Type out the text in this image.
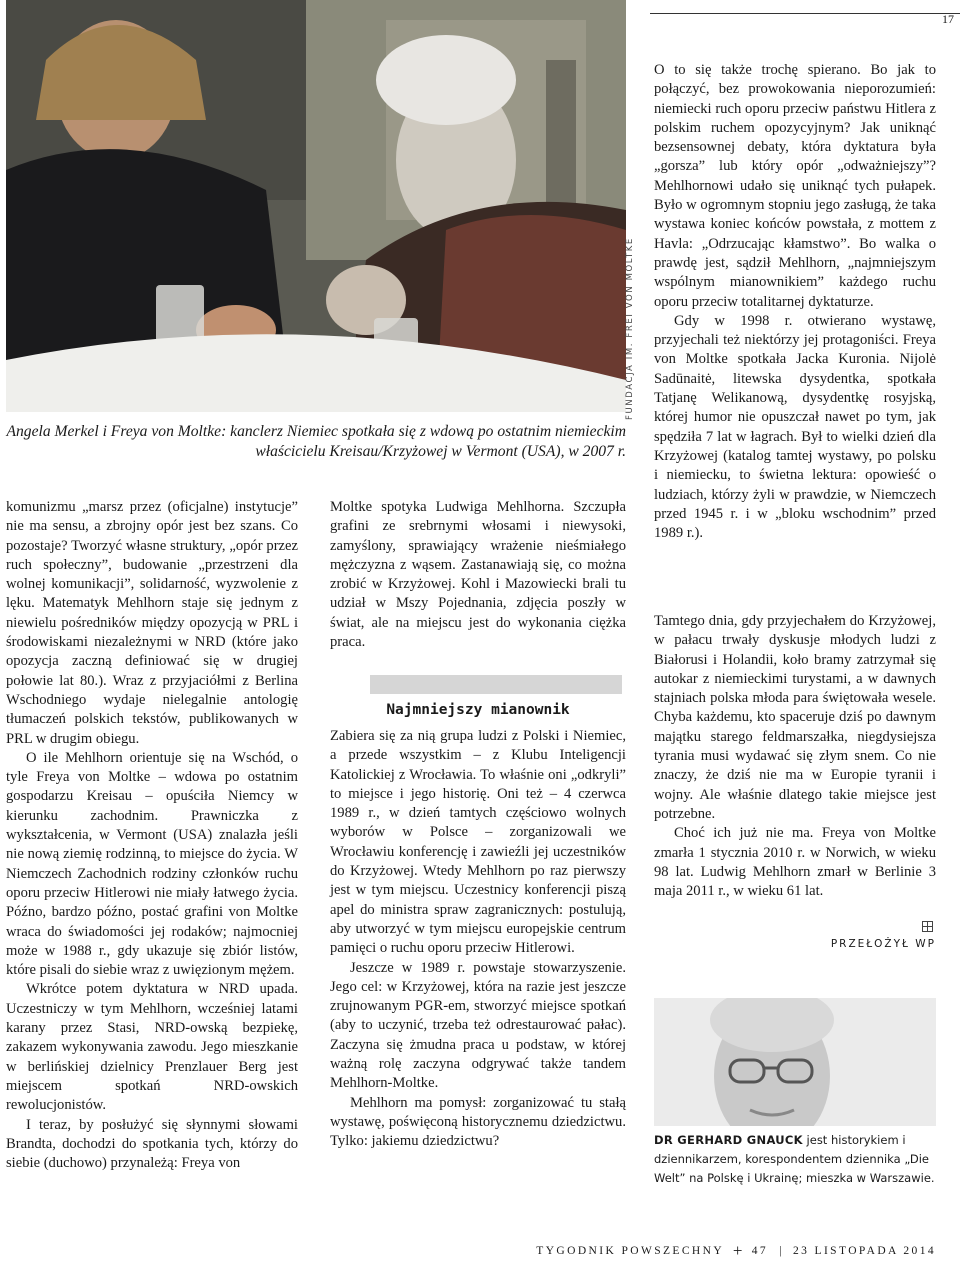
17
FUNDACJA IM. FREI VON MOLTKE
Angela Merkel i Freya von Moltke: kanclerz Niemiec spotkała się z wdową po ostatnim niemieckim właścicielu Kreisau/Krzyżowej w Vermont (USA), w 2007 r.

komunizmu „marsz przez (oficjalne) instytucje” nie ma sensu, a zbrojny opór jest bez szans. Co pozostaje? Tworzyć własne struktury, „opór przez ruch społeczny”, budowanie „przestrzeni dla wolnej komunikacji”, solidarność, wyzwolenie z lęku. Matematyk Mehlhorn staje się jednym z niewielu pośredników między opozycją w PRL i środowiskami niezależnymi w NRD (które jako opozycja zaczną definiować się w drugiej połowie lat 80.). Wraz z przyjaciółmi z Berlina Wschodniego wydaje nielegalnie antologię tłumaczeń polskich tekstów, publikowanych w PRL w drugim obiegu.

O ile Mehlhorn orientuje się na Wschód, o tyle Freya von Moltke – wdowa po ostatnim gospodarzu Kreisau – opuściła Niemcy w kierunku zachodnim. Prawniczka z wykształcenia, w Vermont (USA) znalazła jeśli nie nową ziemię rodzinną, to miejsce do życia. W Niemczech Zachodnich rodziny członków ruchu oporu przeciw Hitlerowi nie miały łatwego życia. Późno, bardzo późno, postać grafini von Moltke wraca do świadomości jej rodaków; najmocniej może w 1988 r., gdy ukazuje się zbiór listów, które pisali do siebie wraz z uwięzionym mężem.

Wkrótce potem dyktatura w NRD upada. Uczestniczy w tym Mehlhorn, wcześniej latami karany przez Stasi, NRD-owską bezpiekę, zakazem wykonywania zawodu. Jego mieszkanie w berlińskiej dzielnicy Prenzlauer Berg jest miejscem spotkań NRD-owskich rewolucjonistów.

I teraz, by posłużyć się słynnymi słowami Brandta, dochodzi do spotkania tych, którzy do siebie (duchowo) przynależą: Freya von

Moltke spotyka Ludwiga Mehlhorna. Szczupła grafini ze srebrnymi włosami i niewysoki, zamyślony, sprawiający wrażenie nieśmiałego mężczyzna z wąsem. Zastanawiają się, co można zrobić w Krzyżowej. Kohl i Mazowiecki brali tu udział w Mszy Pojednania, zdjęcia poszły w świat, ale na miejscu jest do wykonania ciężka praca.

Najmniejszy mianownik

Zabiera się za nią grupa ludzi z Polski i Niemiec, a przede wszystkim – z Klubu Inteligencji Katolickiej z Wrocławia. To właśnie oni „odkryli” to miejsce i jego historię. Oni też – 4 czerwca 1989 r., w dzień tamtych częściowo wolnych wyborów w Polsce – zorganizowali we Wrocławiu konferencję i zawieźli jej uczestników do Krzyżowej. Wtedy Mehlhorn po raz pierwszy jest w tym miejscu. Uczestnicy konferencji piszą apel do ministra spraw zagranicznych: postulują, aby utworzyć w tym miejscu europejskie centrum pamięci o ruchu oporu przeciw Hitlerowi.

Jeszcze w 1989 r. powstaje stowarzyszenie. Jego cel: w Krzyżowej, która na razie jest jeszcze zrujnowanym PGR-em, stworzyć miejsce spotkań (aby to uczynić, trzeba też odrestaurować pałac). Zaczyna się żmudna praca u podstaw, w której ważną rolę zaczyna odgrywać także tandem Mehlhorn-Moltke.

Mehlhorn ma pomysł: zorganizować tu stałą wystawę, poświęconą historycznemu dziedzictwu. Tylko: jakiemu dziedzictwu?

O to się także trochę spierano. Bo jak to połączyć, bez prowokowania nieporozumień: niemiecki ruch oporu przeciw państwu Hitlera z polskim ruchem opozycyjnym? Jak uniknąć bezsensownej debaty, która dyktatura była „gorsza” lub który opór „odważniejszy”? Mehlhornowi udało się uniknąć tych pułapek. Było w ogromnym stopniu jego zasługą, że taka wystawa koniec końców powstała, z mottem z Havla: „Odrzucając kłamstwo”. Bo walka o prawdę jest, sądził Mehlhorn, „najmniejszym wspólnym mianownikiem” każdego ruchu oporu przeciw totalitarnej dyktaturze.

Gdy w 1998 r. otwierano wystawę, przyjechali też niektórzy jej protagoniści. Freya von Moltke spotkała Jacka Kuronia. Nijolė Sadūnaitė, litewska dysydentka, spotkała Tatjanę Welikanową, dysydentkę rosyjską, której humor nie opuszczał nawet po tym, jak spędziła 7 lat w łagrach. Był to wielki dzień dla Krzyżowej (katalog tamtej wystawy, po polsku i niemiecku, to świetna lektura: opowieść o ludziach, którzy żyli w prawdzie, w Niemczech przed 1945 r. i w „bloku wschodnim” przed 1989 r.).

Tamtego dnia, gdy przyjechałem do Krzyżowej, w pałacu trwały dyskusje młodych ludzi z Białorusi i Holandii, koło bramy zatrzymał się autokar z niemieckimi turystami, a w dawnych stajniach polska młoda para świętowała wesele. Chyba każdemu, kto spaceruje dziś po dawnym majątku starego feldmarszałka, niegdysiejsza tyrania musi wydawać się złym snem. Co nie znaczy, że dziś nie ma w Europie tyranii i wojny. Ale właśnie dlatego takie miejsce jest potrzebne.

Choć ich już nie ma. Freya von Moltke zmarła 1 stycznia 2010 r. w Norwich, w wieku 98 lat. Ludwig Mehlhorn zmarł w Berlinie 3 maja 2011 r., w wieku 61 lat.

PRZEŁOŻYŁ WP
DR GERHARD GNAUCK jest historykiem i dziennikarzem, korespondentem dziennika „Die Welt” na Polskę i Ukrainę; mieszka w Warszawie.
TYGODNIK POWSZECHNY + 47 | 23 LISTOPADA 2014
